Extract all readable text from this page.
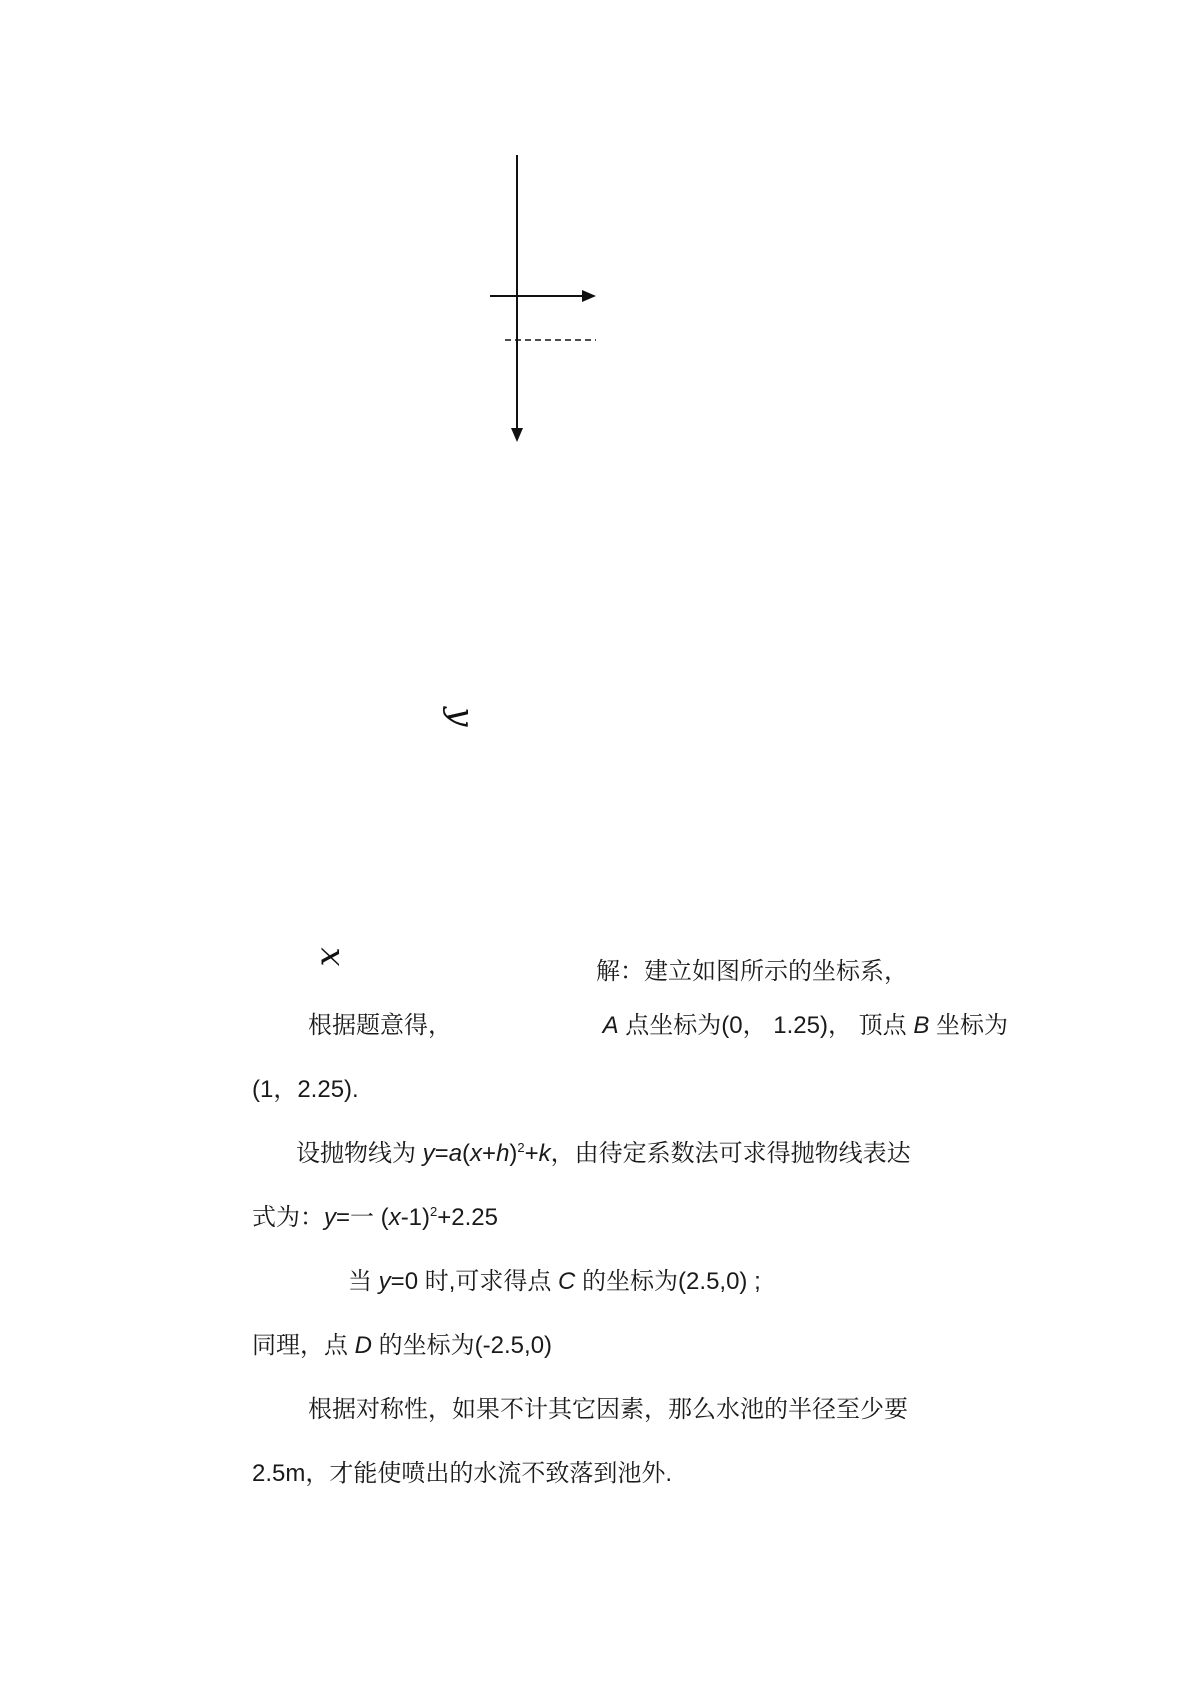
y
x
解：建立如图所示的坐标系，
根据题意得，	A 点坐标为(0， 1.25)， 顶点 B 坐标为
(1，2.25).
设抛物线为 $y=a(x+h)^2+k$，由待定系数法可求得抛物线表达
式为：y=一 $(x-1)^2+2.25$
当 y=0 时,可求得点 C 的坐标为(2.5,0) ;
同理，点 D 的坐标为(-2.5,0)
根据对称性，如果不计其它因素，那么水池的半径至少要
2.5m，才能使喷出的水流不致落到池外.
